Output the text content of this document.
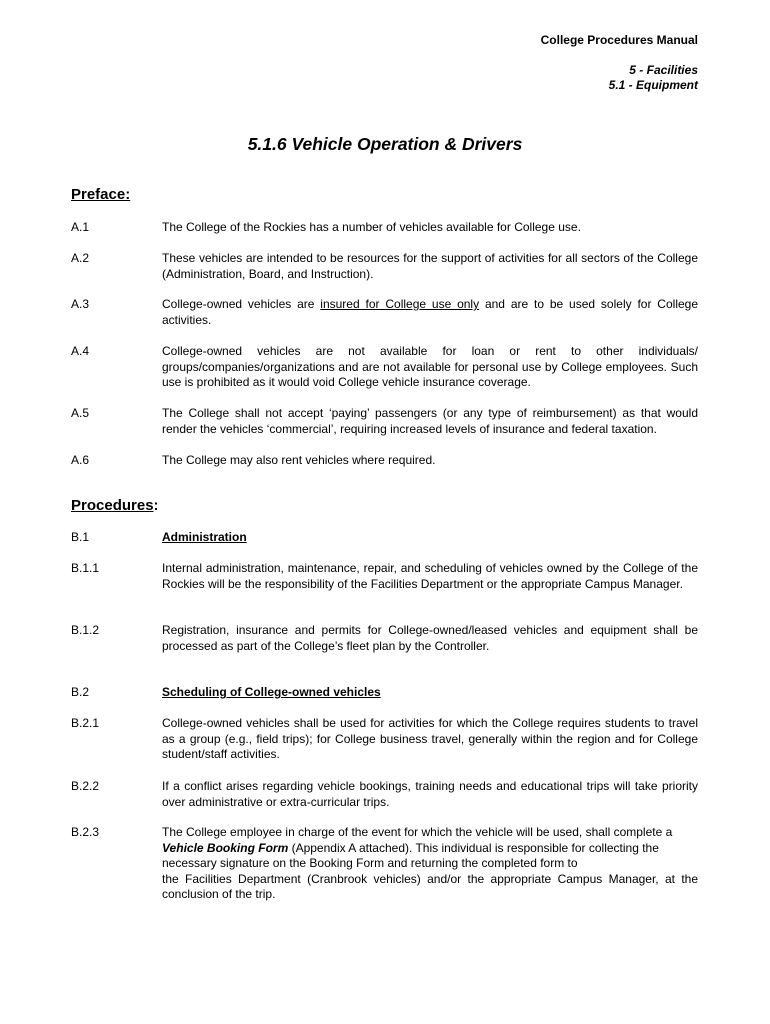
College Procedures Manual
5 - Facilities
5.1 - Equipment
5.1.6 Vehicle Operation & Drivers
Preface:
A.1	The College of the Rockies has a number of vehicles available for College use.
A.2	These vehicles are intended to be resources for the support of activities for all sectors of the College (Administration, Board, and Instruction).
A.3	College-owned vehicles are insured for College use only and are to be used solely for College activities.
A.4	College-owned vehicles are not available for loan or rent to other individuals/ groups/companies/organizations and are not available for personal use by College employees. Such use is prohibited as it would void College vehicle insurance coverage.
A.5	The College shall not accept ‘paying’ passengers (or any type of reimbursement) as that would render the vehicles ‘commercial’, requiring increased levels of insurance and federal taxation.
A.6	The College may also rent vehicles where required.
Procedures:
B.1	Administration
B.1.1	Internal administration, maintenance, repair, and scheduling of vehicles owned by the College of the Rockies will be the responsibility of the Facilities Department or the appropriate Campus Manager.
B.1.2	Registration, insurance and permits for College-owned/leased vehicles and equipment shall be processed as part of the College’s fleet plan by the Controller.
B.2	Scheduling of College-owned vehicles
B.2.1	College-owned vehicles shall be used for activities for which the College requires students to travel as a group (e.g., field trips); for College business travel, generally within the region and for College student/staff activities.
B.2.2	If a conflict arises regarding vehicle bookings, training needs and educational trips will take priority over administrative or extra-curricular trips.
B.2.3	The College employee in charge of the event for which the vehicle will be used, shall complete a
Vehicle Booking Form (Appendix A attached). This individual is responsible for collecting the
necessary signature on the Booking Form and returning the completed form to
the Facilities Department (Cranbrook vehicles) and/or the appropriate Campus Manager, at the conclusion of the trip.
